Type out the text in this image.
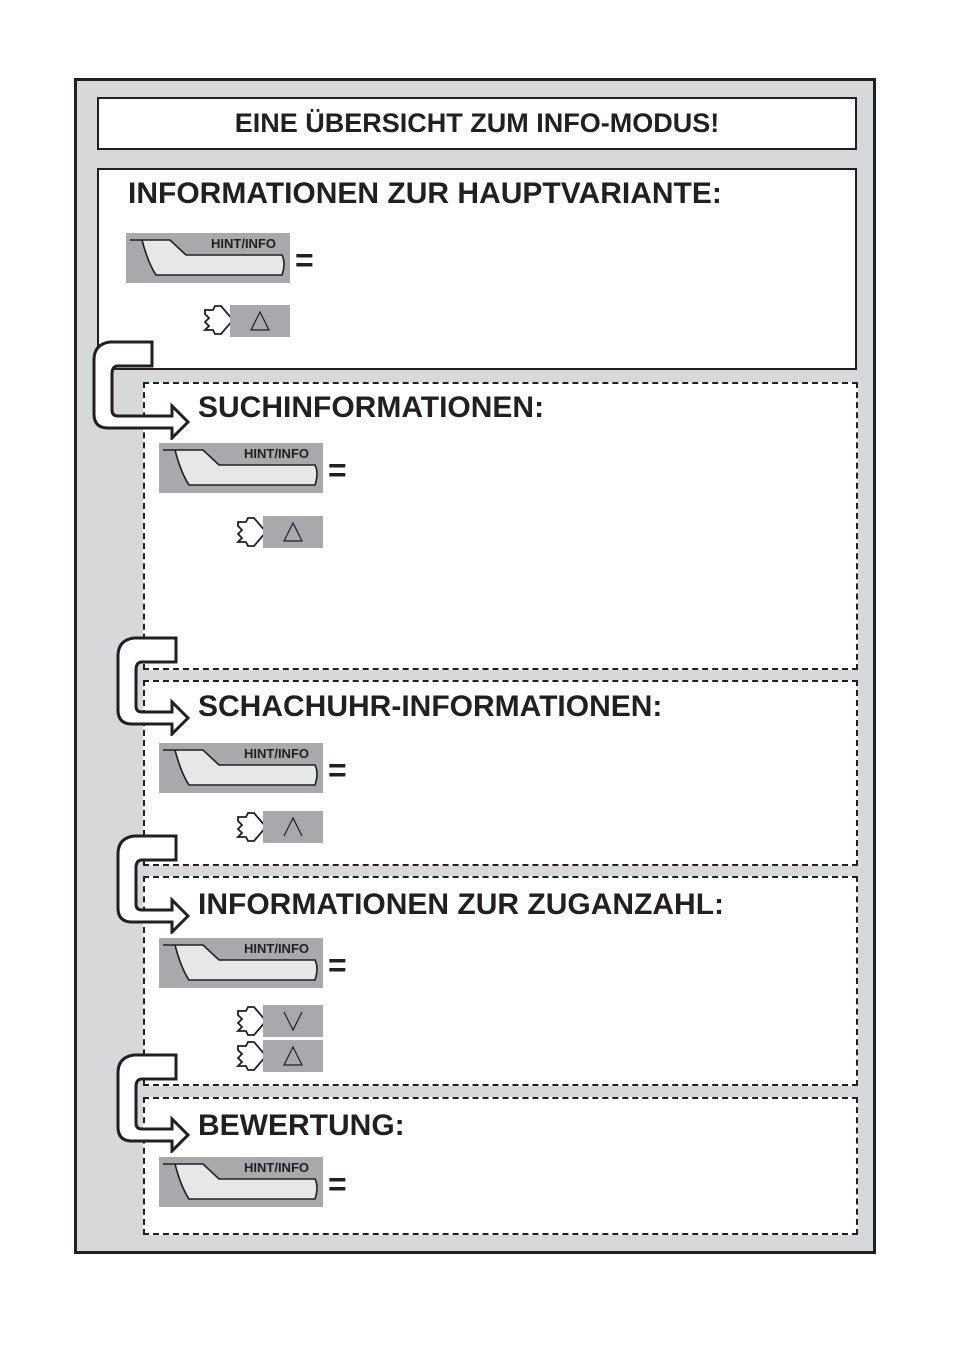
EINE ÜBERSICHT ZUM INFO-MODUS!
INFORMATIONEN ZUR HAUPTVARIANTE:
HINT/INFO =
SUCHINFORMATIONEN:
HINT/INFO =
SCHACHUHR-INFORMATIONEN:
HINT/INFO =
INFORMATIONEN ZUR ZUGANZAHL:
HINT/INFO =
BEWERTUNG:
HINT/INFO =
